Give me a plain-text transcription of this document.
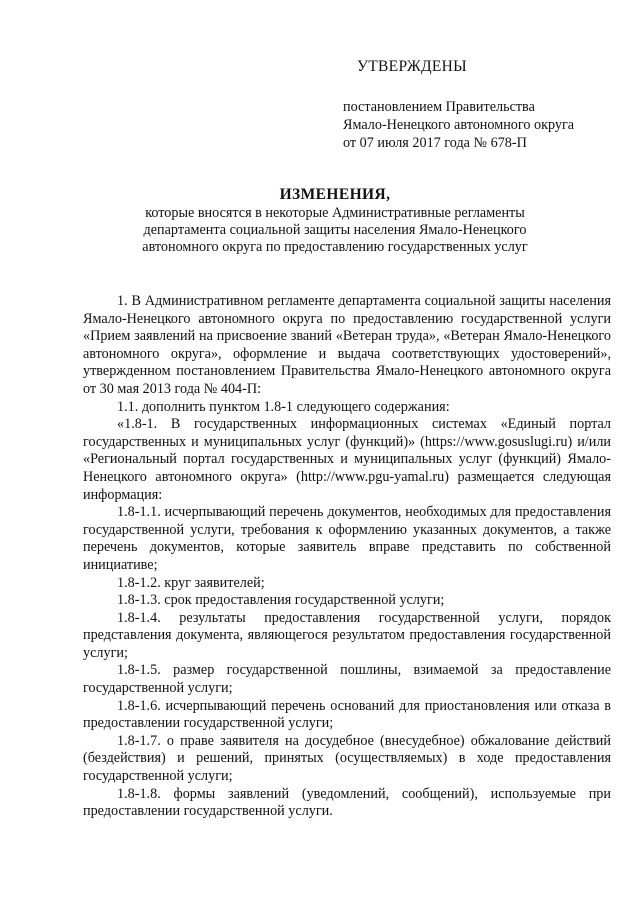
УТВЕРЖДЕНЫ
постановлением Правительства
Ямало-Ненецкого автономного округа
от 07 июля 2017 года № 678-П
ИЗМЕНЕНИЯ,
которые вносятся в некоторые Административные регламенты
департамента социальной защиты населения Ямало-Ненецкого
автономного округа по предоставлению государственных услуг

1. В Административном регламенте департамента социальной защиты населения Ямало-Ненецкого автономного округа по предоставлению государственной услуги «Прием заявлений на присвоение званий «Ветеран труда», «Ветеран Ямало-Ненецкого автономного округа», оформление и выдача соответствующих удостоверений», утвержденном постановлением Правительства Ямало-Ненецкого автономного округа от 30 мая 2013 года № 404-П:

1.1. дополнить пунктом 1.8-1 следующего содержания:

«1.8-1. В государственных информационных системах «Единый портал государственных и муниципальных услуг (функций)» (https://www.gosuslugi.ru) и/или «Региональный портал государственных и муниципальных услуг (функций) Ямало-Ненецкого автономного округа» (http://www.pgu-yamal.ru) размещается следующая информация:

1.8-1.1. исчерпывающий перечень документов, необходимых для предоставления государственной услуги, требования к оформлению указанных документов, а также перечень документов, которые заявитель вправе представить по собственной инициативе;

1.8-1.2. круг заявителей;

1.8-1.3. срок предоставления государственной услуги;

1.8-1.4. результаты предоставления государственной услуги, порядок представления документа, являющегося результатом предоставления государственной услуги;

1.8-1.5. размер государственной пошлины, взимаемой за предоставление государственной услуги;

1.8-1.6. исчерпывающий перечень оснований для приостановления или отказа в предоставлении государственной услуги;

1.8-1.7. о праве заявителя на досудебное (внесудебное) обжалование действий (бездействия) и решений, принятых (осуществляемых) в ходе предоставления государственной услуги;

1.8-1.8. формы заявлений (уведомлений, сообщений), используемые при предоставлении государственной услуги.
